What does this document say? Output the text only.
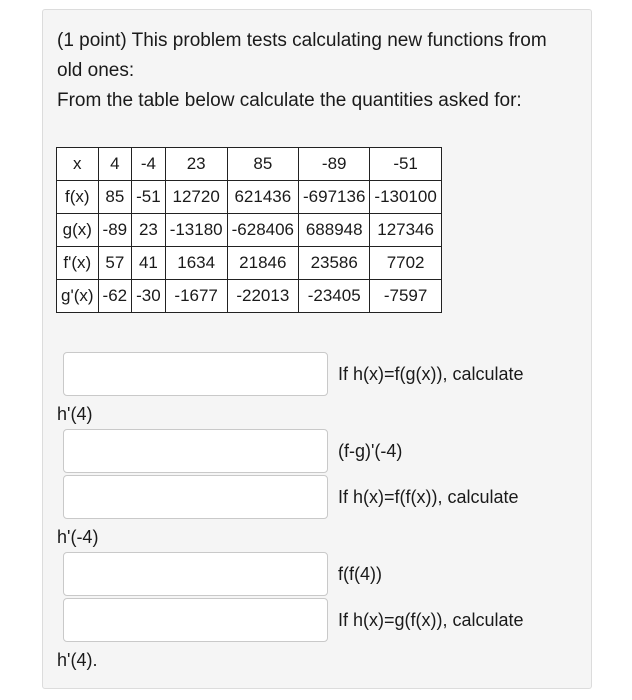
(1 point) This problem tests calculating new functions from old ones:

From the table below calculate the quantities asked for:

x	4	-4	23	85	-89	-51
f(x)	85	-51	12720	621436	-697136	-130100
g(x)	-89	23	-13180	-628406	688948	127346
f'(x)	57	41	1634	21846	23586	7702
g'(x)	-62	-30	-1677	-22013	-23405	-7597
If h(x)=f(g(x)), calculate
h'(4)
(f-g)'(-4)
If h(x)=f(f(x)), calculate
h'(-4)
f(f(4))
If h(x)=g(f(x)), calculate
h'(4).
